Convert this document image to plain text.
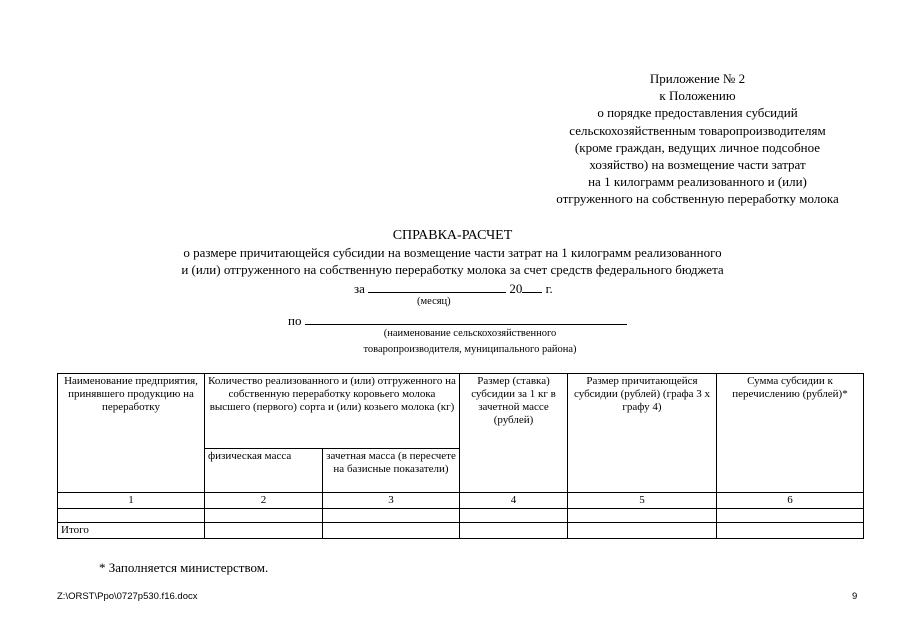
Приложение № 2
к Положению
о порядке предоставления субсидий
сельскохозяйственным товаропроизводителям
(кроме граждан, ведущих личное подсобное
хозяйство) на возмещение части затрат
на 1 килограмм реализованного и (или)
отгруженного на собственную переработку молока
СПРАВКА-РАСЧЕТ
о размере причитающейся субсидии на возмещение части затрат на 1 килограмм реализованного
и (или) отгруженного на собственную переработку молока за счет средств федерального бюджета
за	20 г.
(месяц)
по
(наименование сельскохозяйственного
товаропроизводителя, муниципального района)
Наименование предприятия, принявшего продукцию на переработку	Количество реализованного и (или) отгруженного на собственную переработку коровьего молока высшего (первого) сорта и (или) козьего молока (кг)		Размер (ставка) субсидии за 1 кг в зачетной массе (рублей)	Размер причитающейся субсидии (рублей) (графа 3 х графу 4)	Сумма субсидии к перечислению (рублей)*
	физическая масса	зачетная масса (в пересчете на базисные показатели)			
1	2	3	4	5	6

Итого					
* Заполняется министерством.
Z:\ORST\Ppo\0727p530.f16.docx	9
